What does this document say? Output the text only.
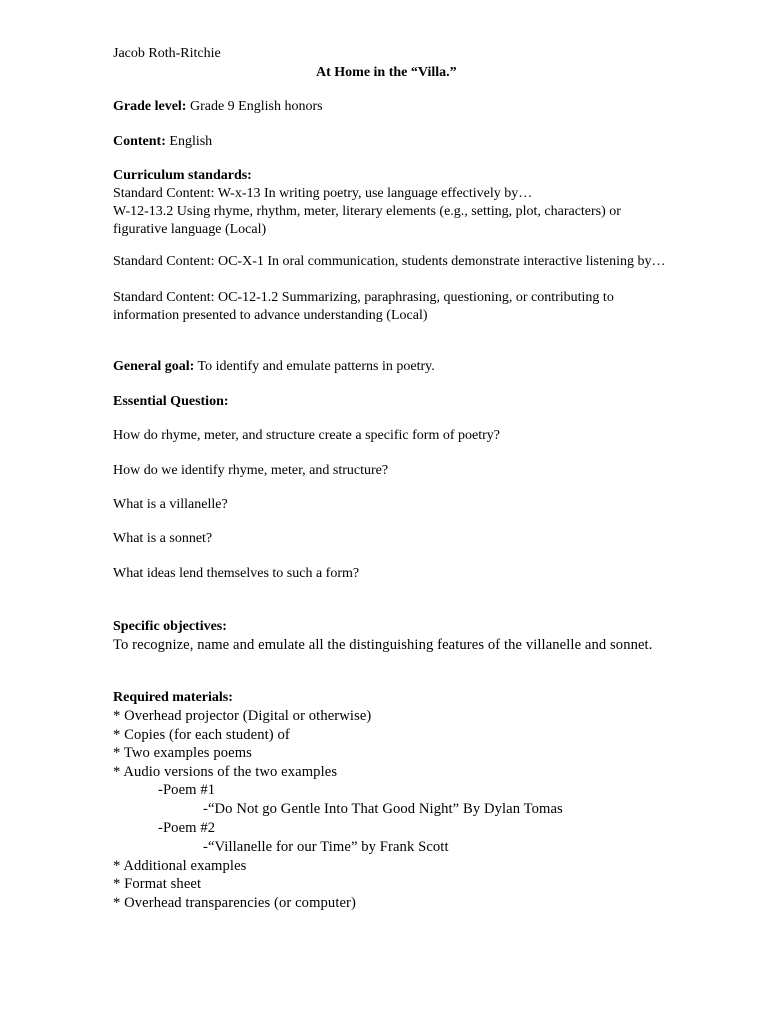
Jacob Roth-Ritchie
At Home in the “Villa.”
Grade level: Grade 9 English honors
Content: English
Curriculum standards:
Standard Content: W-x-13 In writing poetry, use language effectively by…
W-12-13.2 Using rhyme, rhythm, meter, literary elements (e.g., setting, plot, characters) or figurative language (Local)
Standard Content: OC-X-1 In oral communication, students demonstrate interactive listening by…
Standard Content: OC-12-1.2 Summarizing, paraphrasing, questioning, or contributing to information presented to advance understanding (Local)
General goal: To identify and emulate patterns in poetry.
Essential Question:
How do rhyme, meter, and structure create a specific form of poetry?
How do we identify rhyme, meter, and structure?
What is a villanelle?
What is a sonnet?
What ideas lend themselves to such a form?
Specific objectives:
To recognize, name and emulate all the distinguishing features of the villanelle and sonnet.
Required materials:
* Overhead projector (Digital or otherwise)
* Copies (for each student) of
* Two examples poems
* Audio versions of the two examples
-Poem #1
-“Do Not go Gentle Into That Good Night” By Dylan Tomas
-Poem #2
-“Villanelle for our Time” by Frank Scott
* Additional examples
* Format sheet
* Overhead transparencies (or computer)
